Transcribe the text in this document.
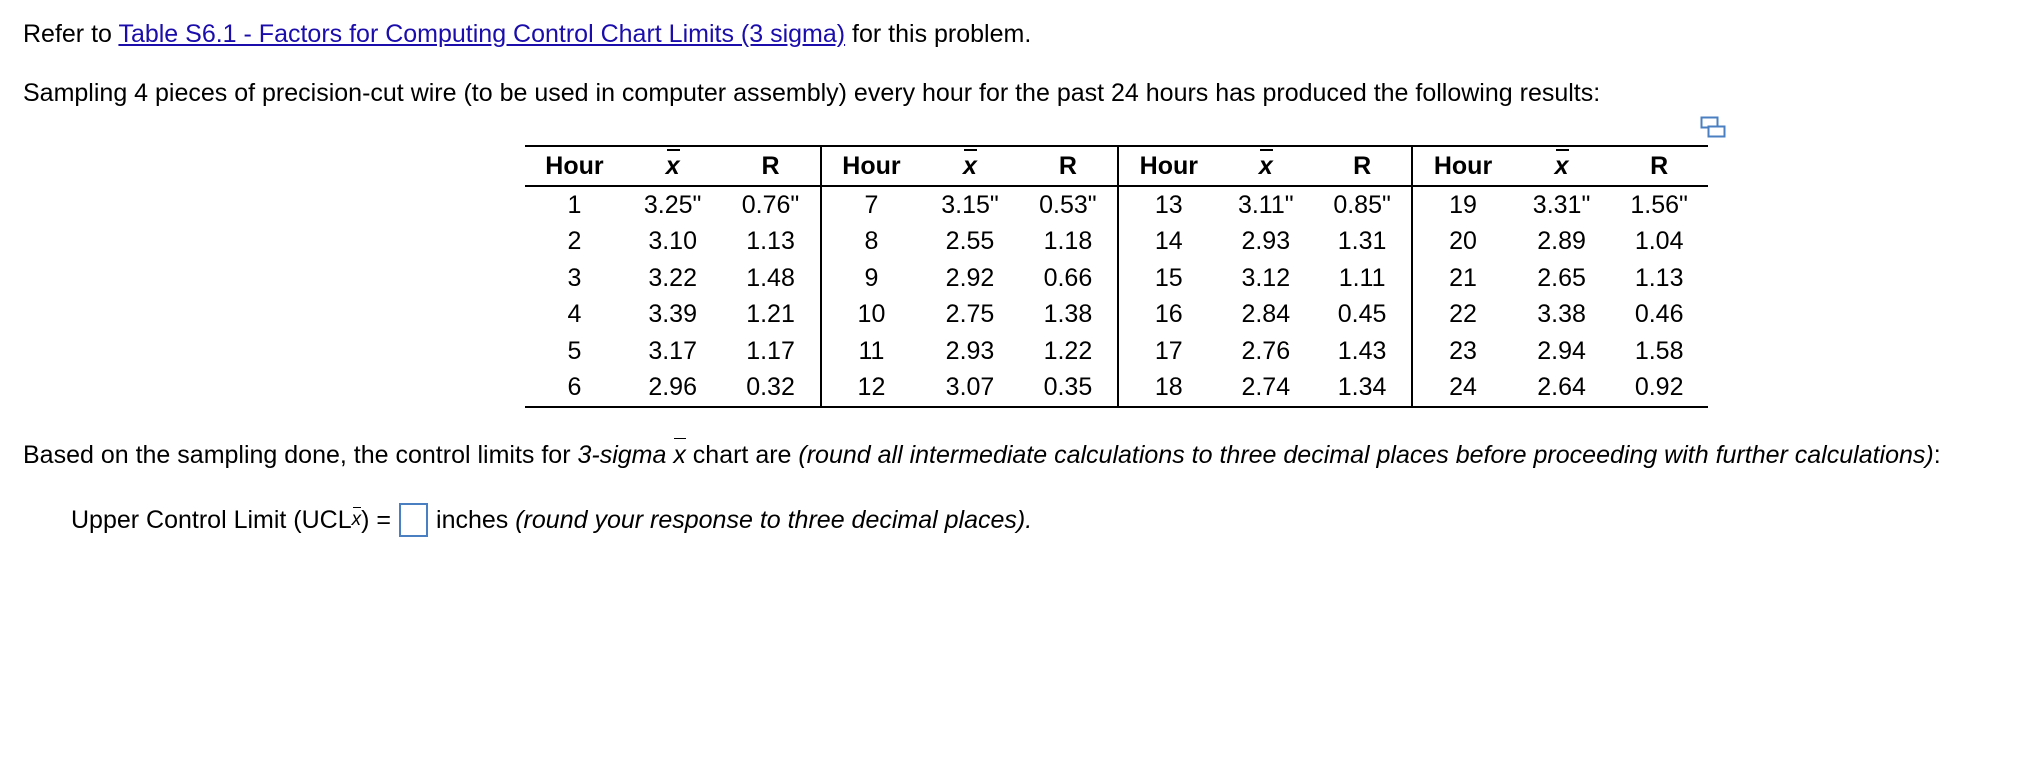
Refer to Table S6.1 - Factors for Computing Control Chart Limits (3 sigma) for this problem.
Sampling 4 pieces of precision-cut wire (to be used in computer assembly) every hour for the past 24 hours has produced the following results:
Hour	x	R	Hour	x	R	Hour	x	R	Hour	x	R
1	3.25"	0.76"	7	3.15"	0.53"	13	3.11"	0.85"	19	3.31"	1.56"
2	3.10	1.13	8	2.55	1.18	14	2.93	1.31	20	2.89	1.04
3	3.22	1.48	9	2.92	0.66	15	3.12	1.11	21	2.65	1.13
4	3.39	1.21	10	2.75	1.38	16	2.84	0.45	22	3.38	0.46
5	3.17	1.17	11	2.93	1.22	17	2.76	1.43	23	2.94	1.58
6	2.96	0.32	12	3.07	0.35	18	2.74	1.34	24	2.64	0.92
Based on the sampling done, the control limits for 3-sigma x chart are (round all intermediate calculations to three decimal places before proceeding with further calculations):
Upper Control Limit (UCL x ) = inches
(round your response to three decimal places).
